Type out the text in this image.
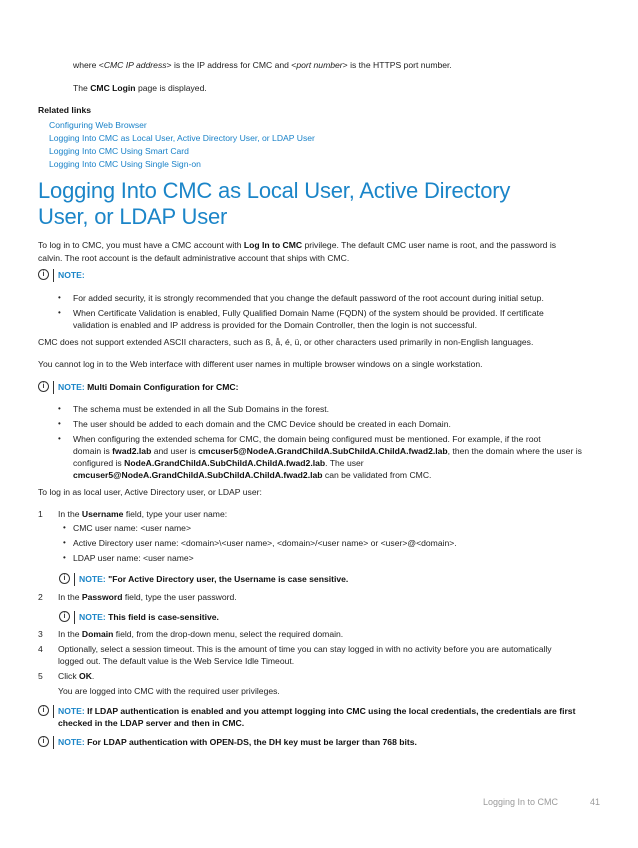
where <CMC IP address> is the IP address for CMC and <port number> is the HTTPS port number.
The CMC Login page is displayed.
Related links
Configuring Web Browser
Logging Into CMC as Local User, Active Directory User, or LDAP User
Logging Into CMC Using Smart Card
Logging Into CMC Using Single Sign-on
Logging Into CMC as Local User, Active Directory
User, or LDAP User
To log in to CMC, you must have a CMC account with Log In to CMC privilege. The default CMC user name is root, and the password is
calvin. The root account is the default administrative account that ships with CMC.
i	NOTE:
• For added security, it is strongly recommended that you change the default password of the root account during initial setup.
• When Certificate Validation is enabled, Fully Qualified Domain Name (FQDN) of the system should be provided. If certificate
validation is enabled and IP address is provided for the Domain Controller, then the login is not successful.
CMC does not support extended ASCII characters, such as ß, å, é, ü, or other characters used primarily in non-English languages.
You cannot log in to the Web interface with different user names in multiple browser windows on a single workstation.
i	NOTE: Multi Domain Configuration for CMC:
• The schema must be extended in all the Sub Domains in the forest.
• The user should be added to each domain and the CMC Device should be created in each Domain.
• When configuring the extended schema for CMC, the domain being configured must be mentioned. For example, if the root
domain is fwad2.lab and user is cmcuser5@NodeA.GrandChildA.SubChildA.ChildA.fwad2.lab, then the domain where the user is
configured is NodeA.GrandChildA.SubChildA.ChildA.fwad2.lab. The user
cmcuser5@NodeA.GrandChildA.SubChildA.ChildA.fwad2.lab can be validated from CMC.
To log in as local user, Active Directory user, or LDAP user:
1 In the Username field, type your user name:
• CMC user name: <user name>
• Active Directory user name: <domain>\<user name>, <domain>/<user name> or <user>@<domain>.
• LDAP user name: <user name>
i	NOTE: "For Active Directory user, the Username is case sensitive.
2 In the Password field, type the user password.
i	NOTE: This field is case-sensitive.
3 In the Domain field, from the drop-down menu, select the required domain.
4 Optionally, select a session timeout. This is the amount of time you can stay logged in with no activity before you are automatically
logged out. The default value is the Web Service Idle Timeout.
5 Click OK.
You are logged into CMC with the required user privileges.
i	NOTE: If LDAP authentication is enabled and you attempt logging into CMC using the local credentials, the credentials are first
checked in the LDAP server and then in CMC.
i	NOTE: For LDAP authentication with OPEN-DS, the DH key must be larger than 768 bits.
Logging In to CMC	41
